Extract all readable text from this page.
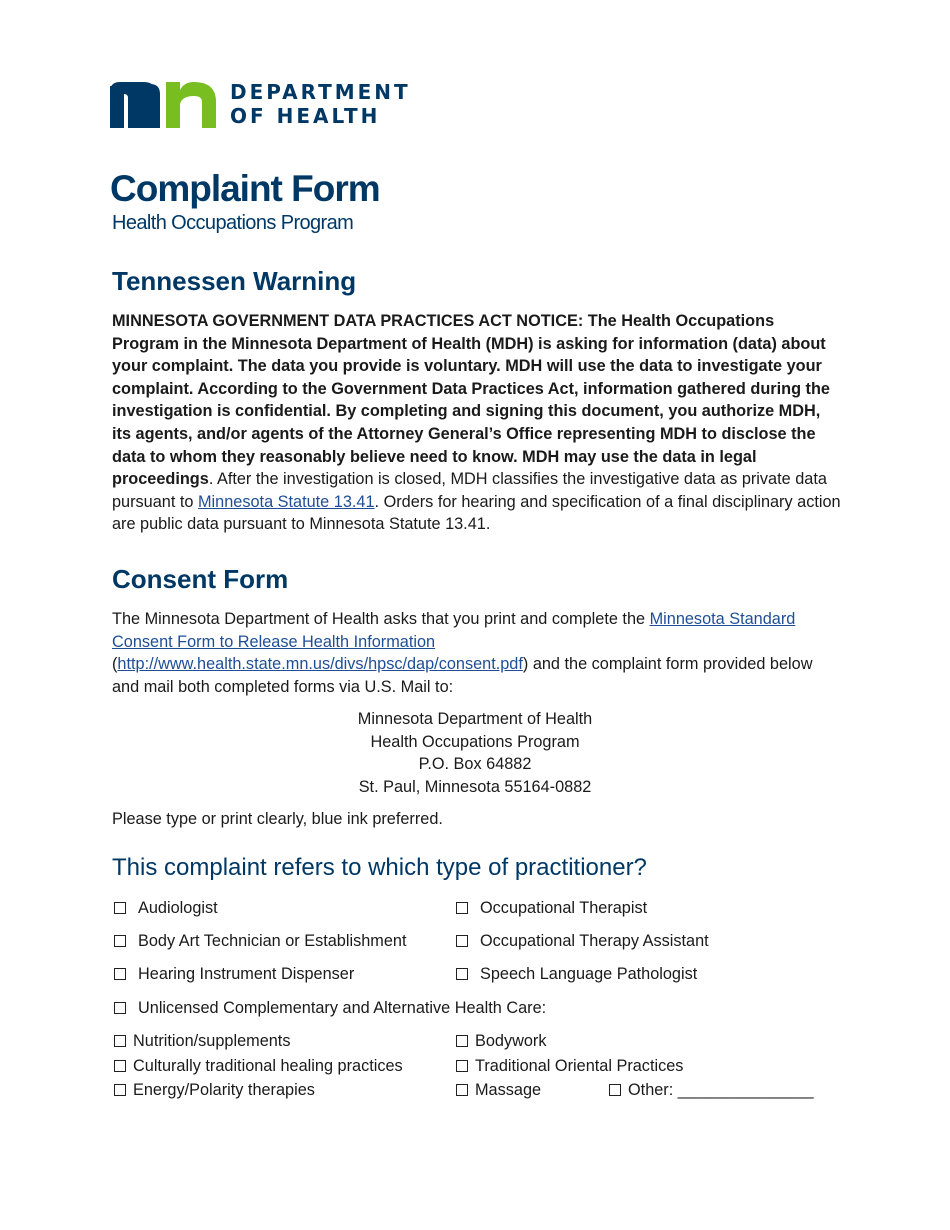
DEPARTMENT
OF HEALTH
Complaint Form
Health Occupations Program
Tennessen Warning

MINNESOTA GOVERNMENT DATA PRACTICES ACT NOTICE: The Health Occupations Program in the Minnesota Department of Health (MDH) is asking for information (data) about your complaint. The data you provide is voluntary. MDH will use the data to investigate your complaint. According to the Government Data Practices Act, information gathered during the investigation is confidential. By completing and signing this document, you authorize MDH, its agents, and/or agents of the Attorney General’s Office representing MDH to disclose the data to whom they reasonably believe need to know. MDH may use the data in legal proceedings. After the investigation is closed, MDH classifies the investigative data as private data pursuant to Minnesota Statute 13.41. Orders for hearing and specification of a final disciplinary action are public data pursuant to Minnesota Statute 13.41.

Consent Form

The Minnesota Department of Health asks that you print and complete the Minnesota Standard Consent Form to Release Health Information (http://www.health.state.mn.us/divs/hpsc/dap/consent.pdf) and the complaint form provided below and mail both completed forms via U.S. Mail to:

Minnesota Department of Health
Health Occupations Program
P.O. Box 64882
St. Paul, Minnesota 55164-0882

Please type or print clearly, blue ink preferred.

This complaint refers to which type of practitioner?
Audiologist
Body Art Technician or Establishment
Hearing Instrument Dispenser
Occupational Therapist
Occupational Therapy Assistant
Speech Language Pathologist
Unlicensed Complementary and Alternative Health Care:
Nutrition/supplements
Culturally traditional healing practices
Energy/Polarity therapies
Bodywork
Traditional Oriental Practices
Massage	Other: _______________
